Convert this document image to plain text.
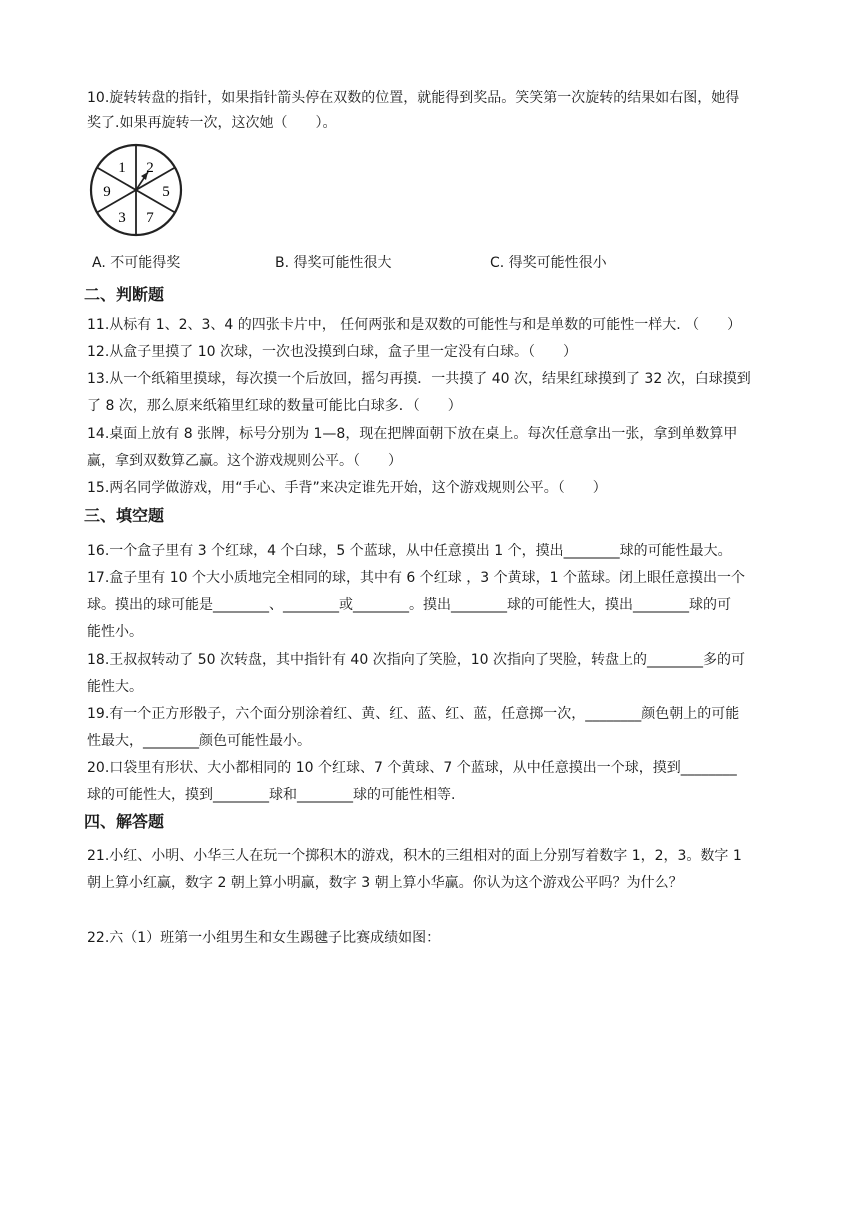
10.旋转转盘的指针，如果指针箭头停在双数的位置，就能得到奖品。笑笑第一次旋转的结果如右图，她得
奖了.如果再旋转一次，这次她（　　）。
1 2
5
7
3
9
A. 不可能得奖	B. 得奖可能性很大	C. 得奖可能性很小
二、判断题
11.从标有 1、2、3、4 的四张卡片中， 任何两张和是双数的可能性与和是单数的可能性一样大. （　　）
12.从盒子里摸了 10 次球，一次也没摸到白球，盒子里一定没有白球。（　　）
13.从一个纸箱里摸球，每次摸一个后放回，摇匀再摸．一共摸了 40 次，结果红球摸到了 32 次，白球摸到
了 8 次，那么原来纸箱里红球的数量可能比白球多．（　　）
14.桌面上放有 8 张牌，标号分别为 1—8，现在把牌面朝下放在桌上。每次任意拿出一张，拿到单数算甲
赢，拿到双数算乙赢。这个游戏规则公平。（　　）
15.两名同学做游戏，用“手心、手背”来决定谁先开始，这个游戏规则公平。（　　）
三、填空题
16.一个盒子里有 3 个红球，4 个白球，5 个蓝球，从中任意摸出 1 个，摸出________球的可能性最大。
17.盒子里有 10 个大小质地完全相同的球，其中有 6 个红球 ，3 个黄球，1 个蓝球。闭上眼任意摸出一个
球。摸出的球可能是________、________或________。摸出________球的可能性大，摸出________球的可
能性小。
18.王叔叔转动了 50 次转盘，其中指针有 40 次指向了笑脸，10 次指向了哭脸，转盘上的________多的可
能性大。
19.有一个正方形骰子，六个面分别涂着红、黄、红、蓝、红、蓝，任意掷一次，________颜色朝上的可能
性最大，________颜色可能性最小。
20.口袋里有形状、大小都相同的 10 个红球、7 个黄球、7 个蓝球，从中任意摸出一个球，摸到________
球的可能性大，摸到________球和________球的可能性相等.
四、解答题
21.小红、小明、小华三人在玩一个掷积木的游戏，积木的三组相对的面上分别写着数字 1，2，3。数字 1
朝上算小红赢，数字 2 朝上算小明赢，数字 3 朝上算小华赢。你认为这个游戏公平吗？为什么？
22.六（1）班第一小组男生和女生踢毽子比赛成绩如图：
